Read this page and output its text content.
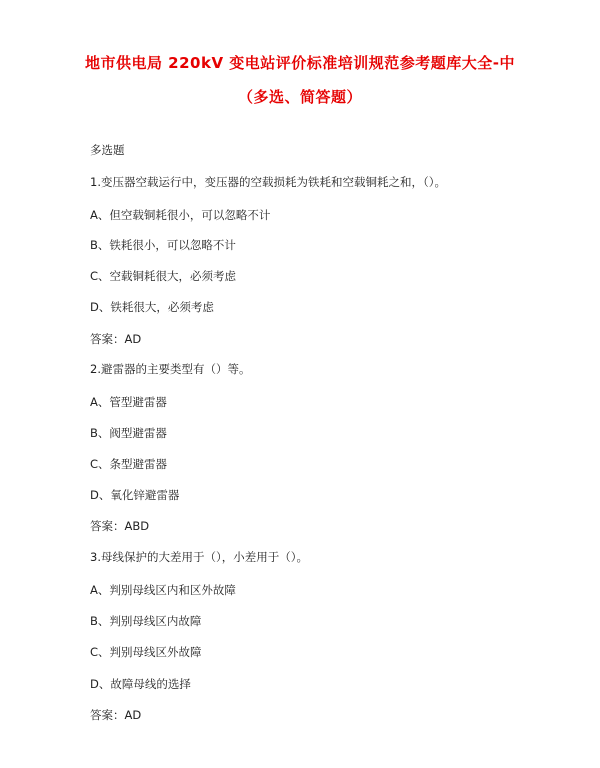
地市供电局 220kV 变电站评价标准培训规范参考题库大全-中
（多选、简答题）
多选题
1.变压器空载运行中，变压器的空载损耗为铁耗和空载铜耗之和，（）。
A、但空载铜耗很小，可以忽略不计
B、铁耗很小，可以忽略不计
C、空载铜耗很大，必须考虑
D、铁耗很大，必须考虑
答案：AD
2.避雷器的主要类型有（）等。
A、管型避雷器
B、阀型避雷器
C、条型避雷器
D、氧化锌避雷器
答案：ABD
3.母线保护的大差用于（），小差用于（）。
A、判别母线区内和区外故障
B、判别母线区内故障
C、判别母线区外故障
D、故障母线的选择
答案：AD
